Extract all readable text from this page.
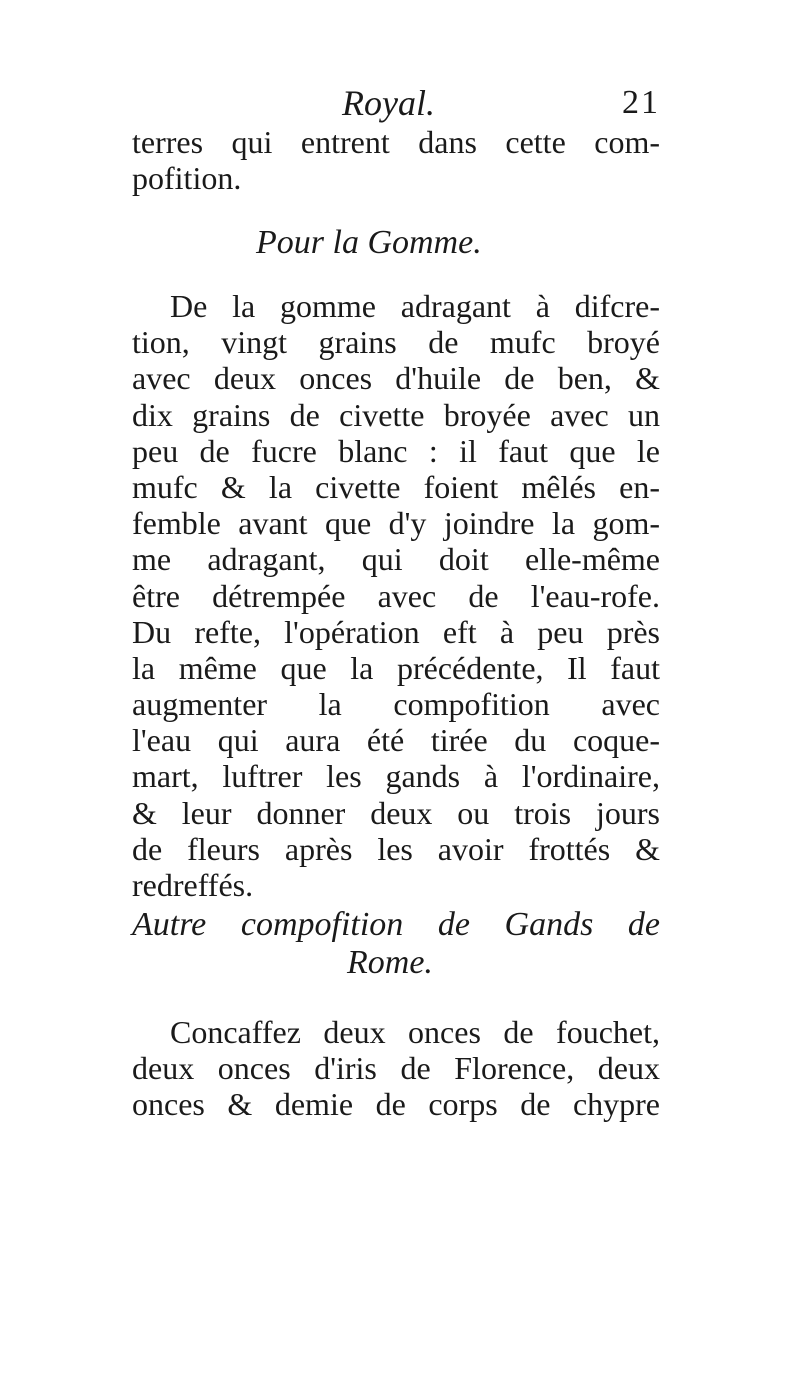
Royal.	21
terres qui entrent dans cette com-
pofition.
Pour la Gomme.
De la gomme adragant à difcre-
tion, vingt grains de mufc broyé
avec deux onces d'huile de ben, &
dix grains de civette broyée avec un
peu de fucre blanc : il faut que le
mufc & la civette foient mêlés en-
femble avant que d'y joindre la gom-
me adragant, qui doit elle-même
être détrempée avec de l'eau-rofe.
Du refte, l'opération eft à peu près
la même que la précédente, Il faut
augmenter la compofition avec
l'eau qui aura été tirée du coque-
mart, luftrer les gands à l'ordinaire,
& leur donner deux ou trois jours
de fleurs après les avoir frottés &
redreffés.
Autre compofition de Gands de
Rome.
Concaffez deux onces de fouchet,
deux onces d'iris de Florence, deux
onces & demie de corps de chypre
